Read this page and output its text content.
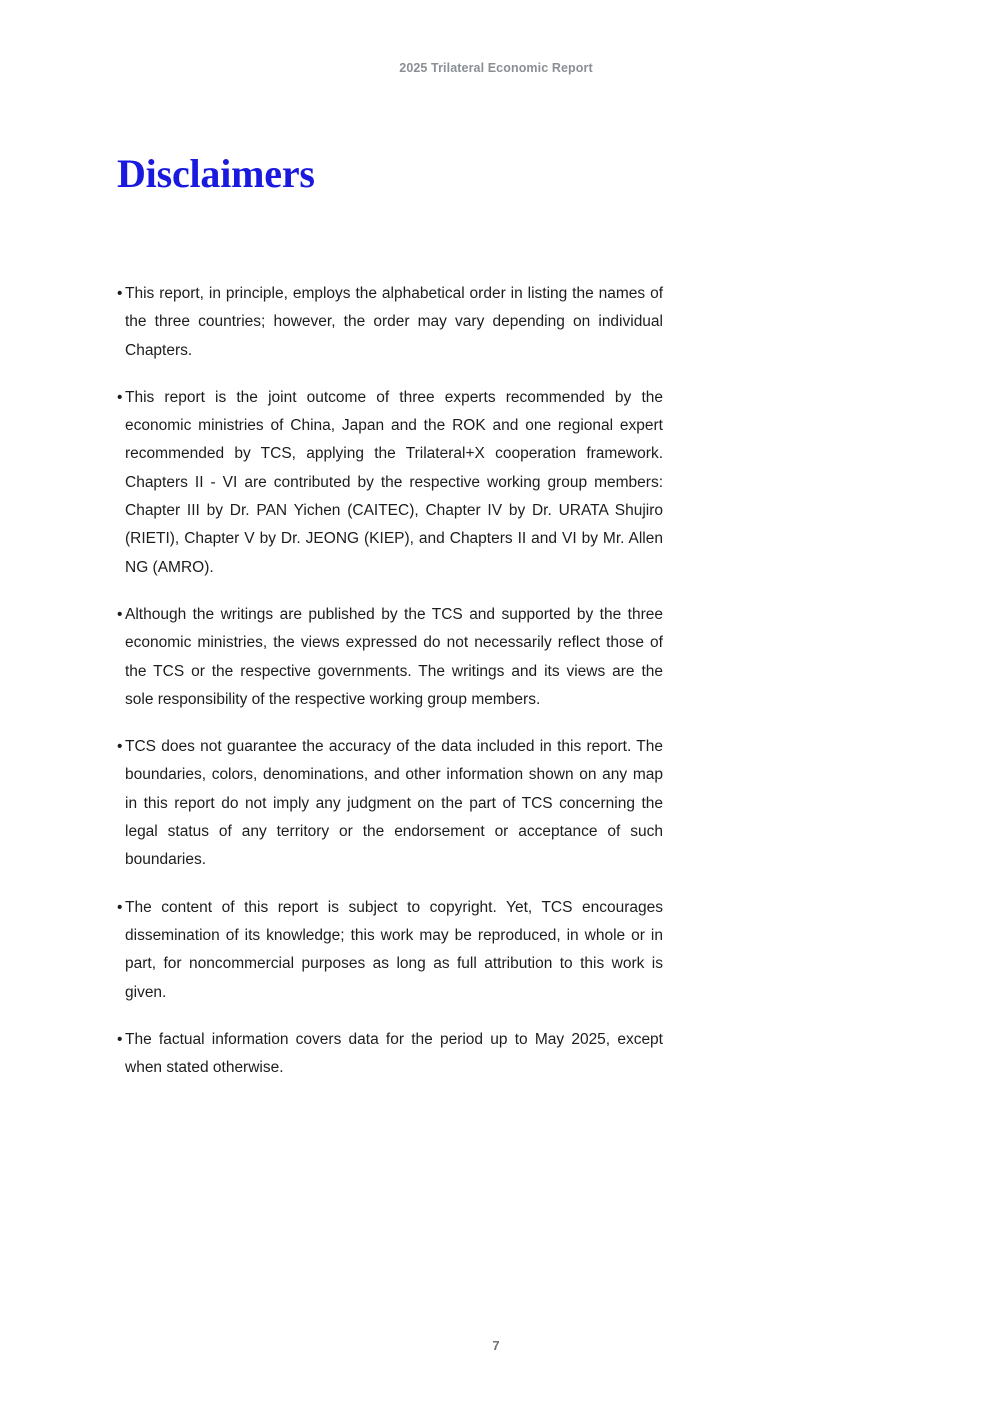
2025 Trilateral Economic Report
Disclaimers
• This report, in principle, employs the alphabetical order in listing the names of the three countries; however, the order may vary depending on individual Chapters.
• This report is the joint outcome of three experts recommended by the economic ministries of China, Japan and the ROK and one regional expert recommended by TCS, applying the Trilateral+X cooperation framework. Chapters II - VI are contributed by the respective working group members: Chapter III by Dr. PAN Yichen (CAITEC), Chapter IV by Dr. URATA Shujiro (RIETI), Chapter V by Dr. JEONG (KIEP), and Chapters II and VI by Mr. Allen NG (AMRO).
• Although the writings are published by the TCS and supported by the three economic ministries, the views expressed do not necessarily reflect those of the TCS or the respective governments. The writings and its views are the sole responsibility of the respective working group members.
• TCS does not guarantee the accuracy of the data included in this report. The boundaries, colors, denominations, and other information shown on any map in this report do not imply any judgment on the part of TCS concerning the legal status of any territory or the endorsement or acceptance of such boundaries.
• The content of this report is subject to copyright. Yet, TCS encourages dissemination of its knowledge; this work may be reproduced, in whole or in part, for noncommercial purposes as long as full attribution to this work is given.
• The factual information covers data for the period up to May 2025, except when stated otherwise.
7
